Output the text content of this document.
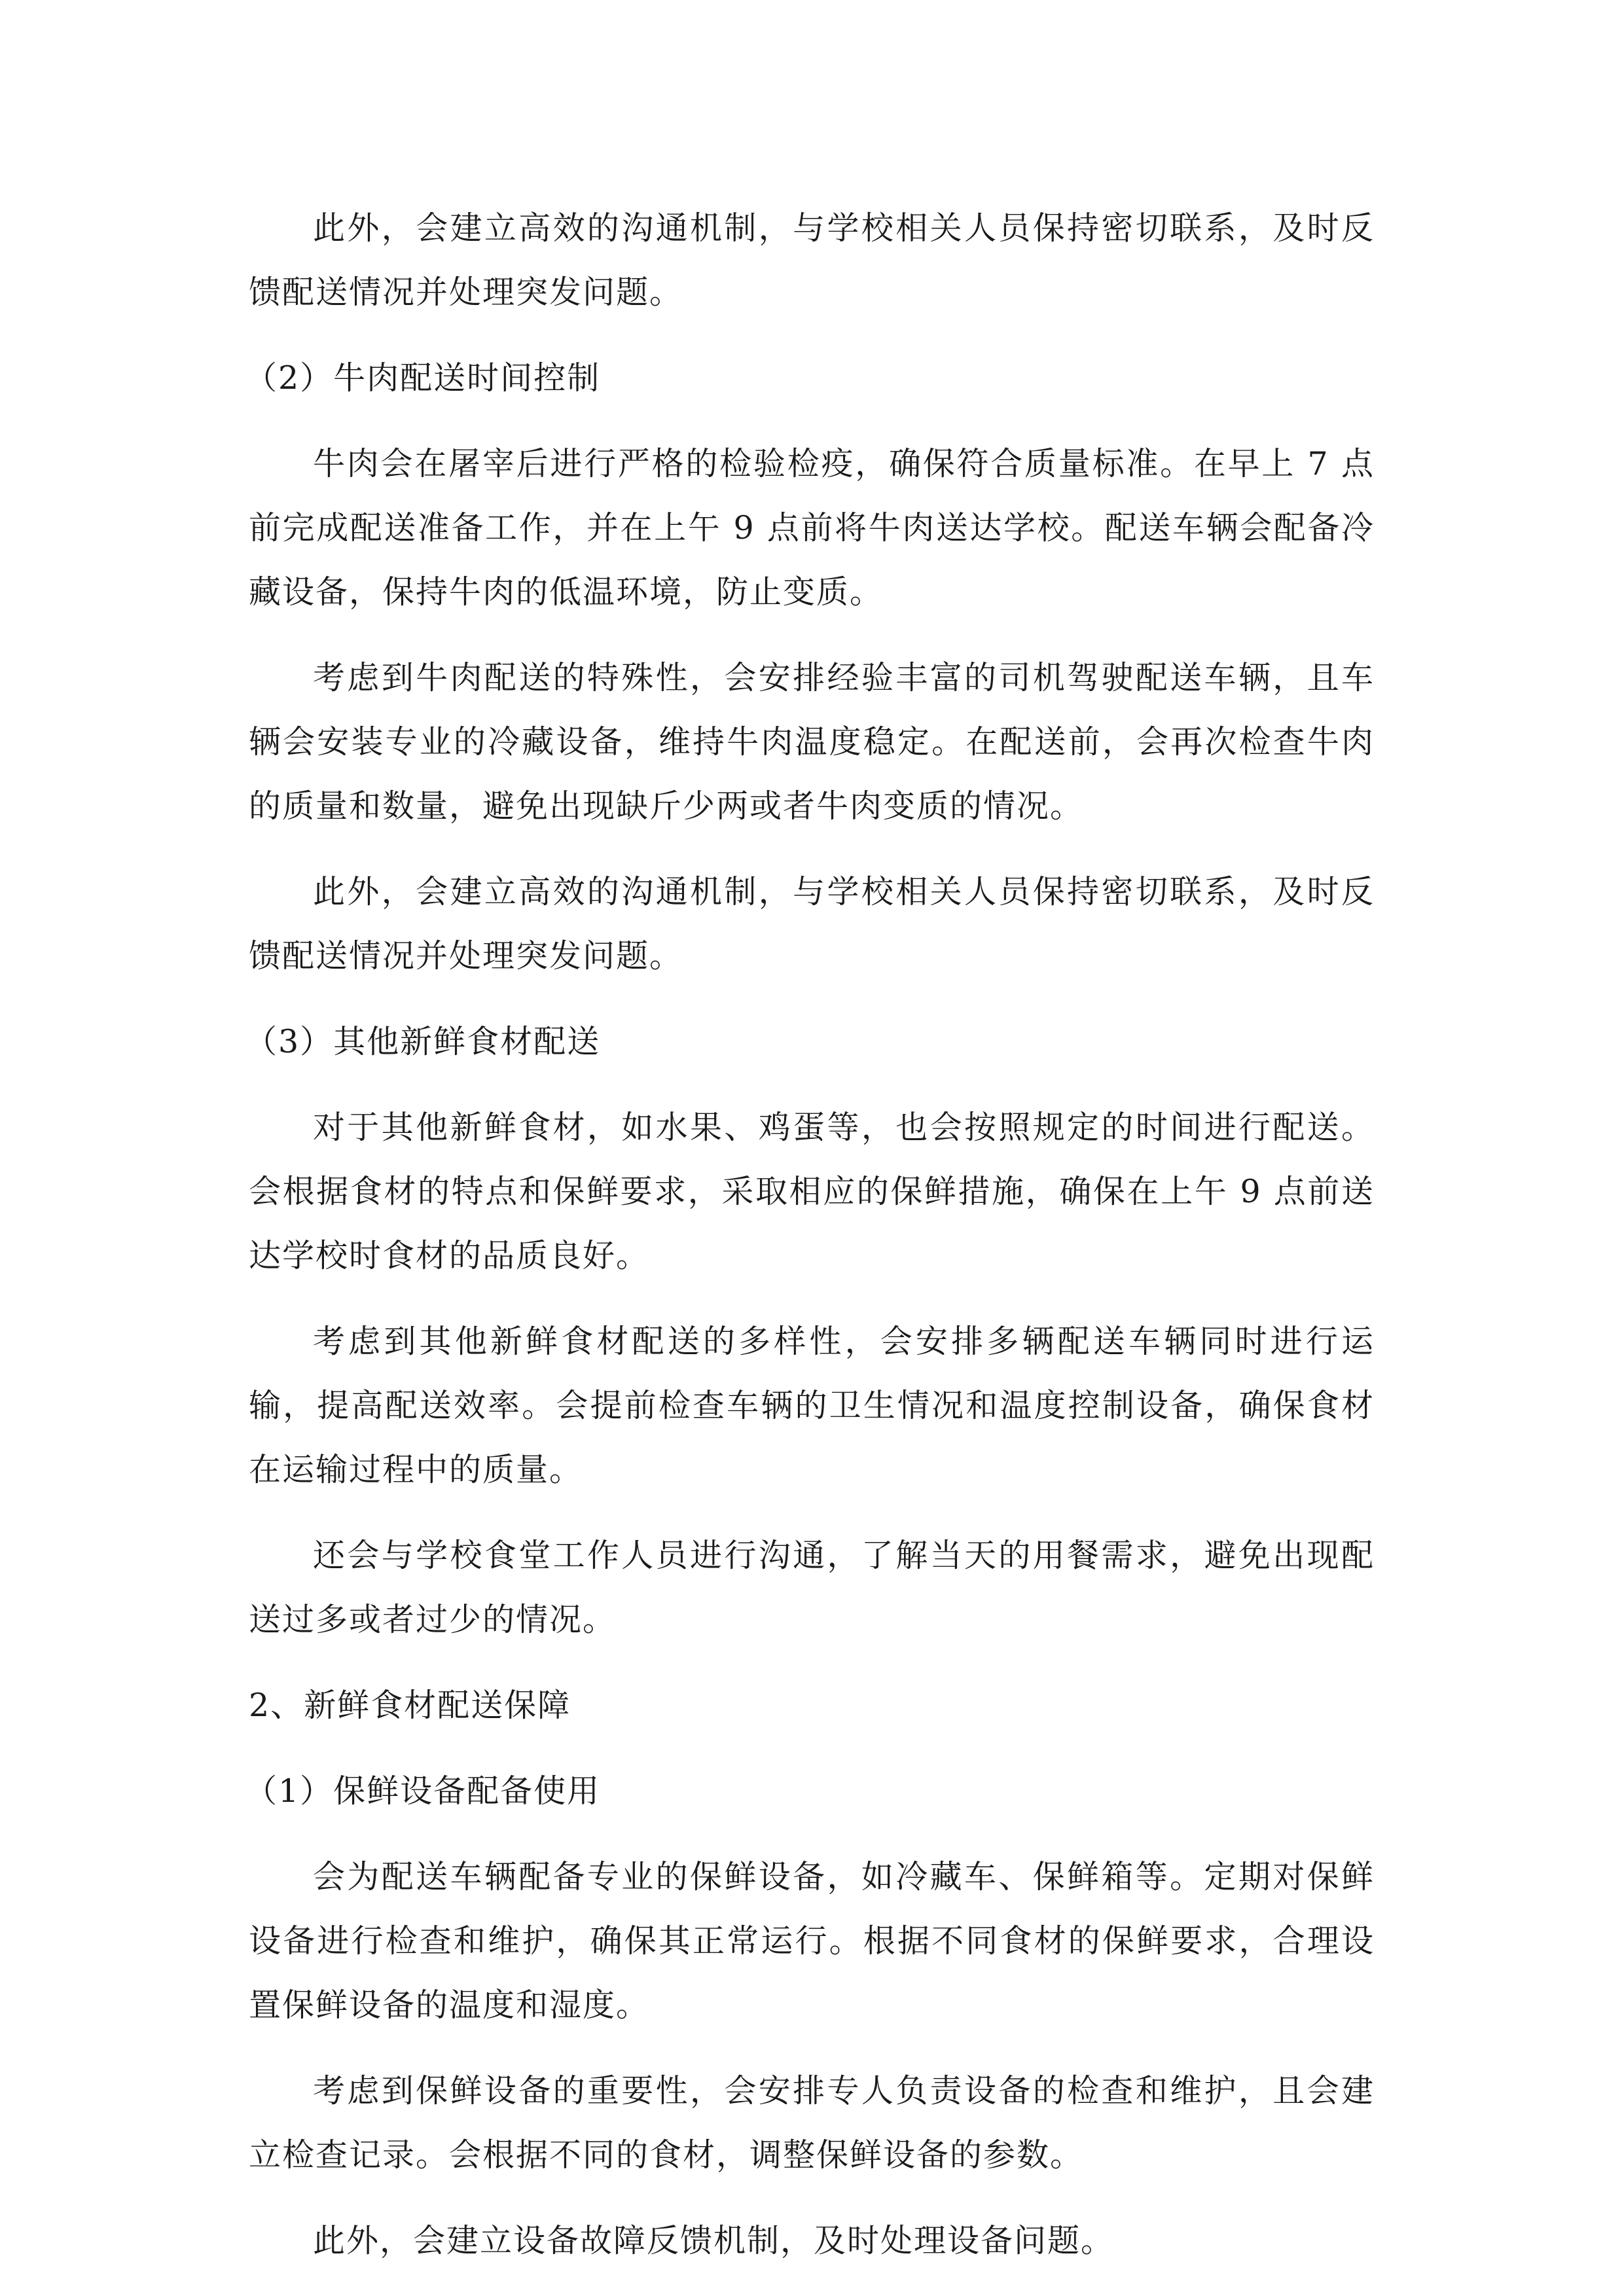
此外，会建立高效的沟通机制，与学校相关人员保持密切联系，及时反馈配送情况并处理突发问题。

（2）牛肉配送时间控制

牛肉会在屠宰后进行严格的检验检疫，确保符合质量标准。在早上 7 点前完成配送准备工作，并在上午 9 点前将牛肉送达学校。配送车辆会配备冷藏设备，保持牛肉的低温环境，防止变质。

考虑到牛肉配送的特殊性，会安排经验丰富的司机驾驶配送车辆，且车辆会安装专业的冷藏设备，维持牛肉温度稳定。在配送前，会再次检查牛肉的质量和数量，避免出现缺斤少两或者牛肉变质的情况。

此外，会建立高效的沟通机制，与学校相关人员保持密切联系，及时反馈配送情况并处理突发问题。

（3）其他新鲜食材配送

对于其他新鲜食材，如水果、鸡蛋等，也会按照规定的时间进行配送。会根据食材的特点和保鲜要求，采取相应的保鲜措施，确保在上午 9 点前送达学校时食材的品质良好。

考虑到其他新鲜食材配送的多样性，会安排多辆配送车辆同时进行运输，提高配送效率。会提前检查车辆的卫生情况和温度控制设备，确保食材在运输过程中的质量。

还会与学校食堂工作人员进行沟通，了解当天的用餐需求，避免出现配送过多或者过少的情况。

2、新鲜食材配送保障

（1）保鲜设备配备使用

会为配送车辆配备专业的保鲜设备，如冷藏车、保鲜箱等。定期对保鲜设备进行检查和维护，确保其正常运行。根据不同食材的保鲜要求，合理设置保鲜设备的温度和湿度。

考虑到保鲜设备的重要性，会安排专人负责设备的检查和维护，且会建立检查记录。会根据不同的食材，调整保鲜设备的参数。

此外，会建立设备故障反馈机制，及时处理设备问题。
